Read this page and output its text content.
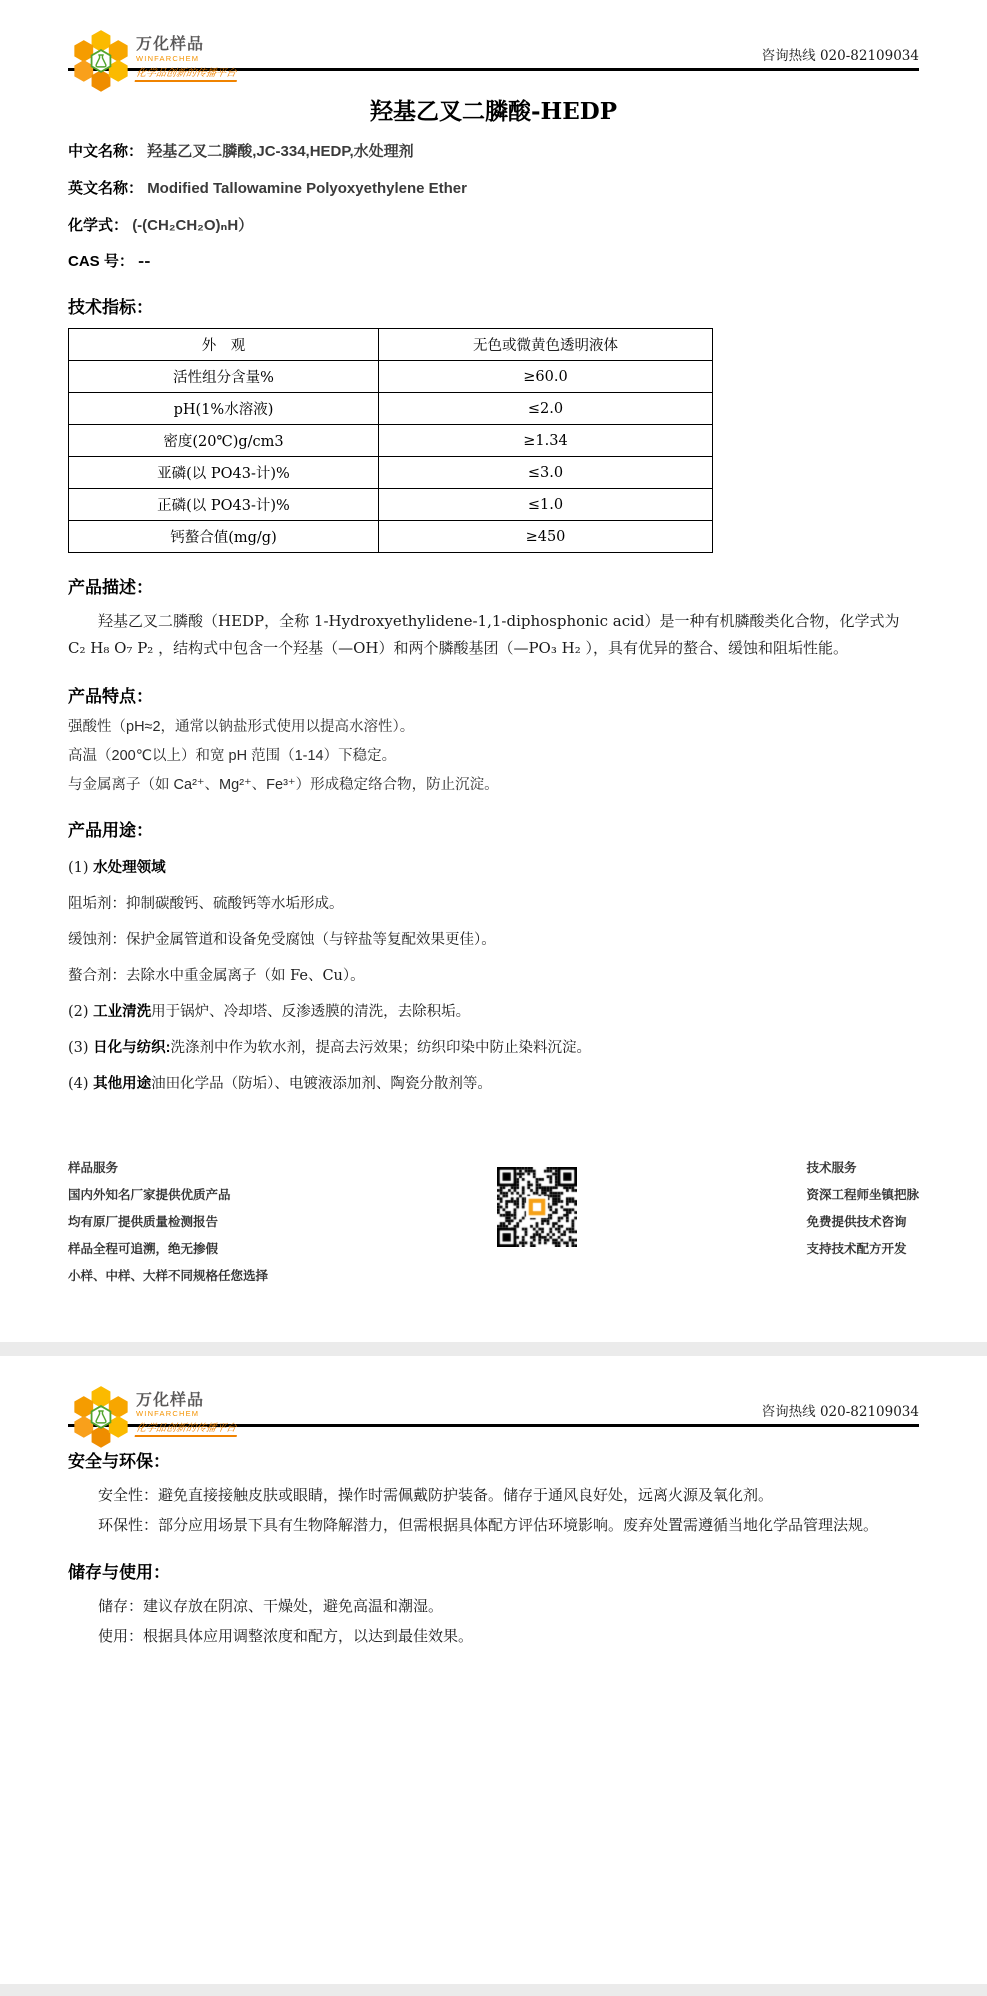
万化样品
WINFARCHEM
化学品创新的传播平台
咨询热线 020-82109034
羟基乙叉二膦酸-HEDP
中文名称： 羟基乙叉二膦酸,JC-334,HEDP,水处理剂
英文名称： Modified Tallowamine Polyoxyethylene Ether
化学式： (-(CH₂CH₂O)ₙH）
CAS 号： --
技术指标：
外　观	无色或微黄色透明液体
活性组分含量%	≥60.0
pH(1%水溶液)	≤2.0
密度(20℃)g/cm3	≥1.34
亚磷(以 PO43-计)%	≤3.0
正磷(以 PO43-计)%	≤1.0
钙螯合值(mg/g)	≥450
产品描述：

羟基乙叉二膦酸（HEDP，全称 1-Hydroxyethylidene-1,1-diphosphonic acid）是一种有机膦酸类化合物，化学式为 C₂ H₈ O₇ P₂ ，结构式中包含一个羟基（—OH）和两个膦酸基团（—PO₃ H₂ ），具有优异的螯合、缓蚀和阻垢性能。

产品特点：

强酸性（pH≈2，通常以钠盐形式使用以提高水溶性）。

高温（200℃以上）和宽 pH 范围（1-14）下稳定。

与金属离子（如 Ca²⁺、Mg²⁺、Fe³⁺）形成稳定络合物，防止沉淀。

产品用途：

(1) 水处理领域

阻垢剂：抑制碳酸钙、硫酸钙等水垢形成。

缓蚀剂：保护金属管道和设备免受腐蚀（与锌盐等复配效果更佳）。

螯合剂：去除水中重金属离子（如 Fe、Cu）。

(2) 工业清洗用于锅炉、冷却塔、反渗透膜的清洗，去除积垢。

(3) 日化与纺织:洗涤剂中作为软水剂，提高去污效果；纺织印染中防止染料沉淀。

(4) 其他用途油田化学品（防垢）、电镀液添加剂、陶瓷分散剂等。

样品服务
国内外知名厂家提供优质产品
均有原厂提供质量检测报告
样品全程可追溯，绝无掺假
小样、中样、大样不同规格任您选择
技术服务
资深工程师坐镇把脉
免费提供技术咨询
支持技术配方开发
万化样品
WINFARCHEM
化学品创新的传播平台
咨询热线 020-82109034
安全与环保：

安全性：避免直接接触皮肤或眼睛，操作时需佩戴防护装备。储存于通风良好处，远离火源及氧化剂。

环保性：部分应用场景下具有生物降解潜力，但需根据具体配方评估环境影响。废弃处置需遵循当地化学品管理法规。

储存与使用：

储存：建议存放在阴凉、干燥处，避免高温和潮湿。

使用：根据具体应用调整浓度和配方，以达到最佳效果。
